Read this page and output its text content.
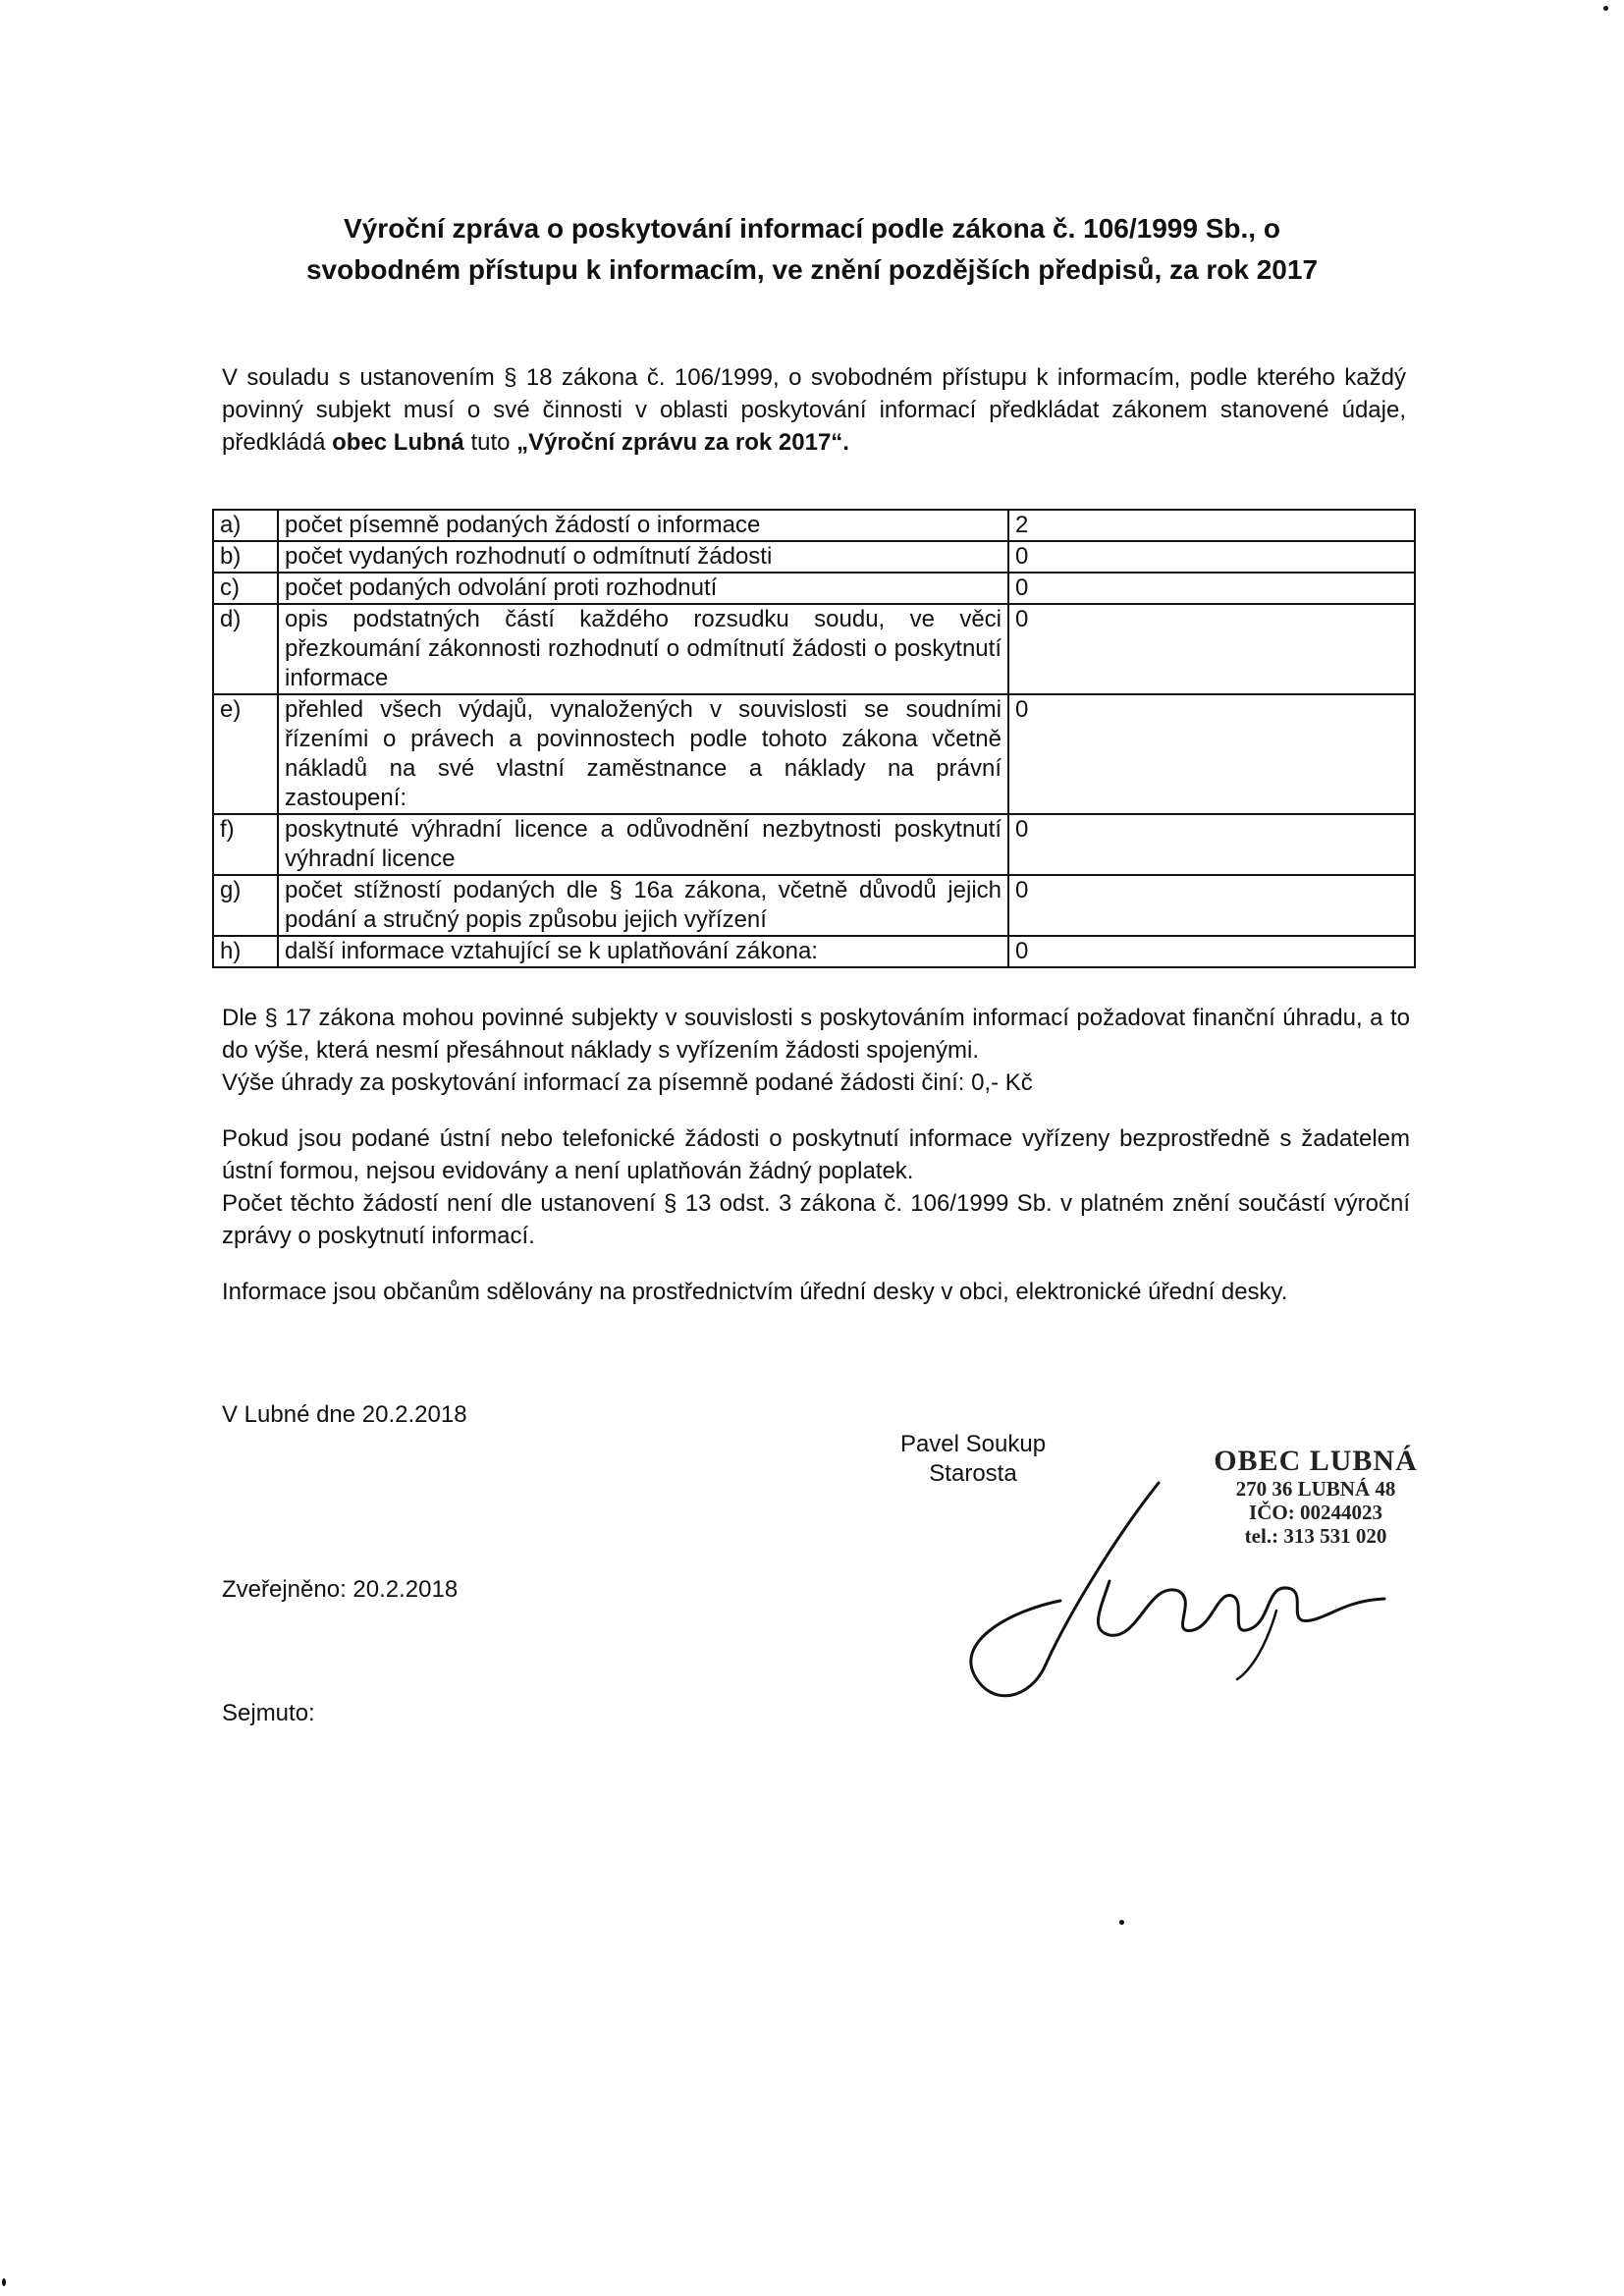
Výroční zpráva o poskytování informací podle zákona č. 106/1999 Sb., o
svobodném přístupu k informacím, ve znění pozdějších předpisů, za rok 2017

V souladu s ustanovením § 18 zákona č. 106/1999, o svobodném přístupu k informacím, podle kterého každý povinný subjekt musí o své činnosti v oblasti poskytování informací předkládat zákonem stanovené údaje, předkládá obec Lubná tuto „Výroční zprávu za rok 2017“.

a)	počet písemně podaných žádostí o informace	2
b)	počet vydaných rozhodnutí o odmítnutí žádosti	0
c)	počet podaných odvolání proti rozhodnutí	0
d)	opis podstatných částí každého rozsudku soudu, ve věci přezkoumání zákonnosti rozhodnutí o odmítnutí žádosti o poskytnutí informace	0
e)	přehled všech výdajů, vynaložených v souvislosti se soudními řízeními o právech a povinnostech podle tohoto zákona včetně nákladů na své vlastní zaměstnance a náklady na právní zastoupení:	0
f)	poskytnuté výhradní licence a odůvodnění nezbytnosti poskytnutí výhradní licence	0
g)	počet stížností podaných dle § 16a zákona, včetně důvodů jejich podání a stručný popis způsobu jejich vyřízení	0
h)	další informace vztahující se k uplatňování zákona:	0
Dle § 17 zákona mohou povinné subjekty v souvislosti s poskytováním informací požadovat finanční úhradu, a to do výše, která nesmí přesáhnout náklady s vyřízením žádosti spojenými.
Výše úhrady za poskytování informací za písemně podané žádosti činí: 0,- Kč
Pokud jsou podané ústní nebo telefonické žádosti o poskytnutí informace vyřízeny bezprostředně s žadatelem ústní formou, nejsou evidovány a není uplatňován žádný poplatek.
Počet těchto žádostí není dle ustanovení § 13 odst. 3 zákona č. 106/1999 Sb. v platném znění součástí výroční zprávy o poskytnutí informací.
Informace jsou občanům sdělovány na prostřednictvím úřední desky v obci, elektronické úřední desky.

V Lubné dne 20.2.2018

Pavel Soukup
Starosta	OBEC LUBNÁ
270 36 LUBNÁ 48
IČO: 00244023
tel.: 313 531 020

Zveřejněno: 20.2.2018

Sejmuto:
